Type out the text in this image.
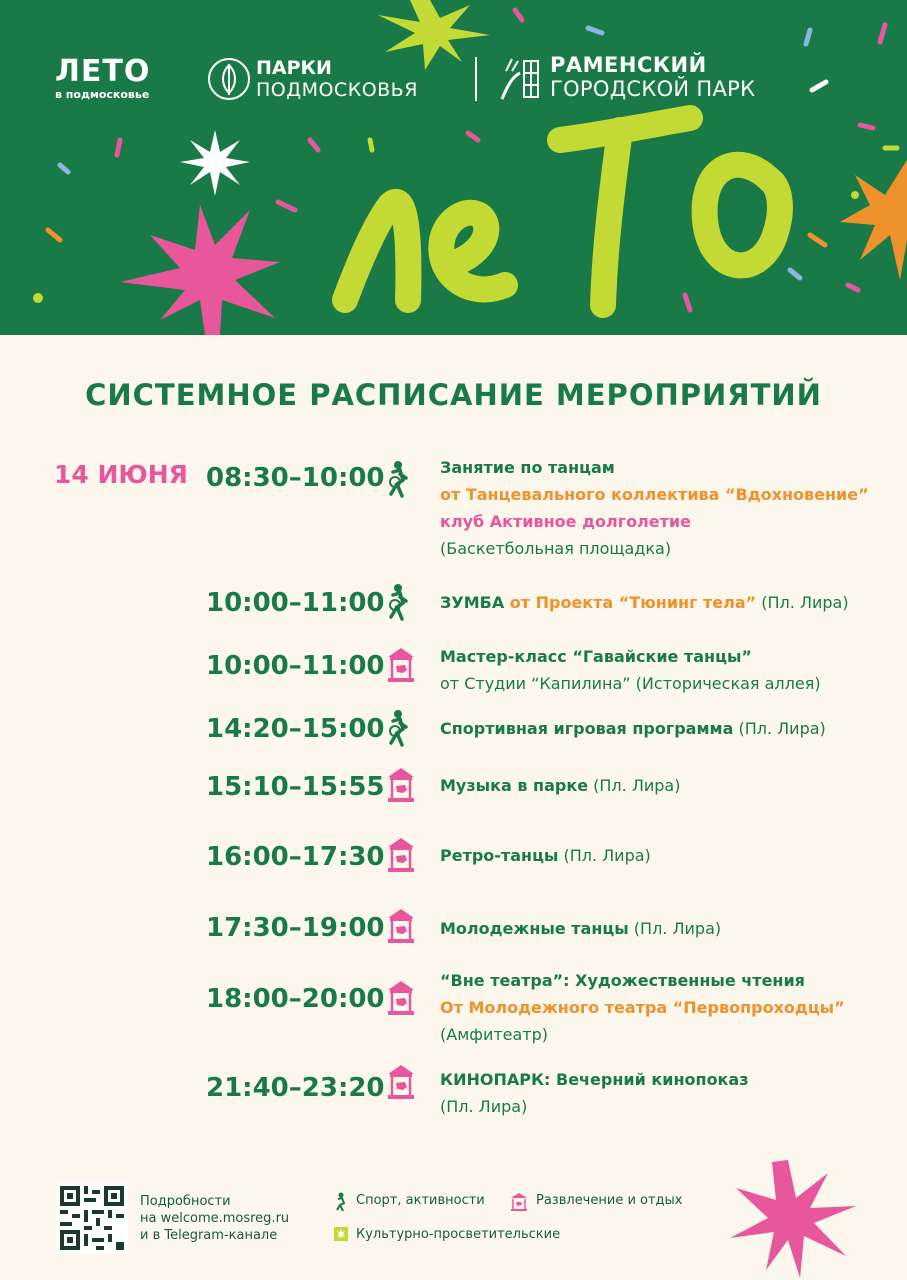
ЛЕТО
в подмосковье
ПАРКИ
ПОДМОСКОВЬЯ
РАМЕНСКИЙ
ГОРОДСКОЙ ПАРК
СИСТЕМНОЕ РАСПИСАНИЕ МЕРОПРИЯТИЙ
14 ИЮНЯ 08:30–10:00	Занятие по танцам
от Танцевального коллектива “Вдохновение”
клуб Активное долголетие
(Баскетбольная площадка)
10:00–11:00	ЗУМБА от Проекта “Тюнинг тела” (Пл. Лира)
10:00–11:00	Мастер-класс “Гавайские танцы”
от Студии “Капилина” (Историческая аллея)
14:20–15:00	Спортивная игровая программа (Пл. Лира)
15:10–15:55	Музыка в парке (Пл. Лира)
16:00–17:30	Ретро-танцы (Пл. Лира)
17:30–19:00	Молодежные танцы (Пл. Лира)
18:00–20:00
“Вне театра”: Художественные чтения
От Молодежного театра “Первопроходцы”
(Амфитеатр)
21:40–23:20	КИНОПАРК: Вечерний кинопоказ
(Пл. Лира)
Подробности
на welcome.mosreg.ru
и в Telegram-канале
Спорт, активности	Развлечение и отдых
Культурно-просветительские
